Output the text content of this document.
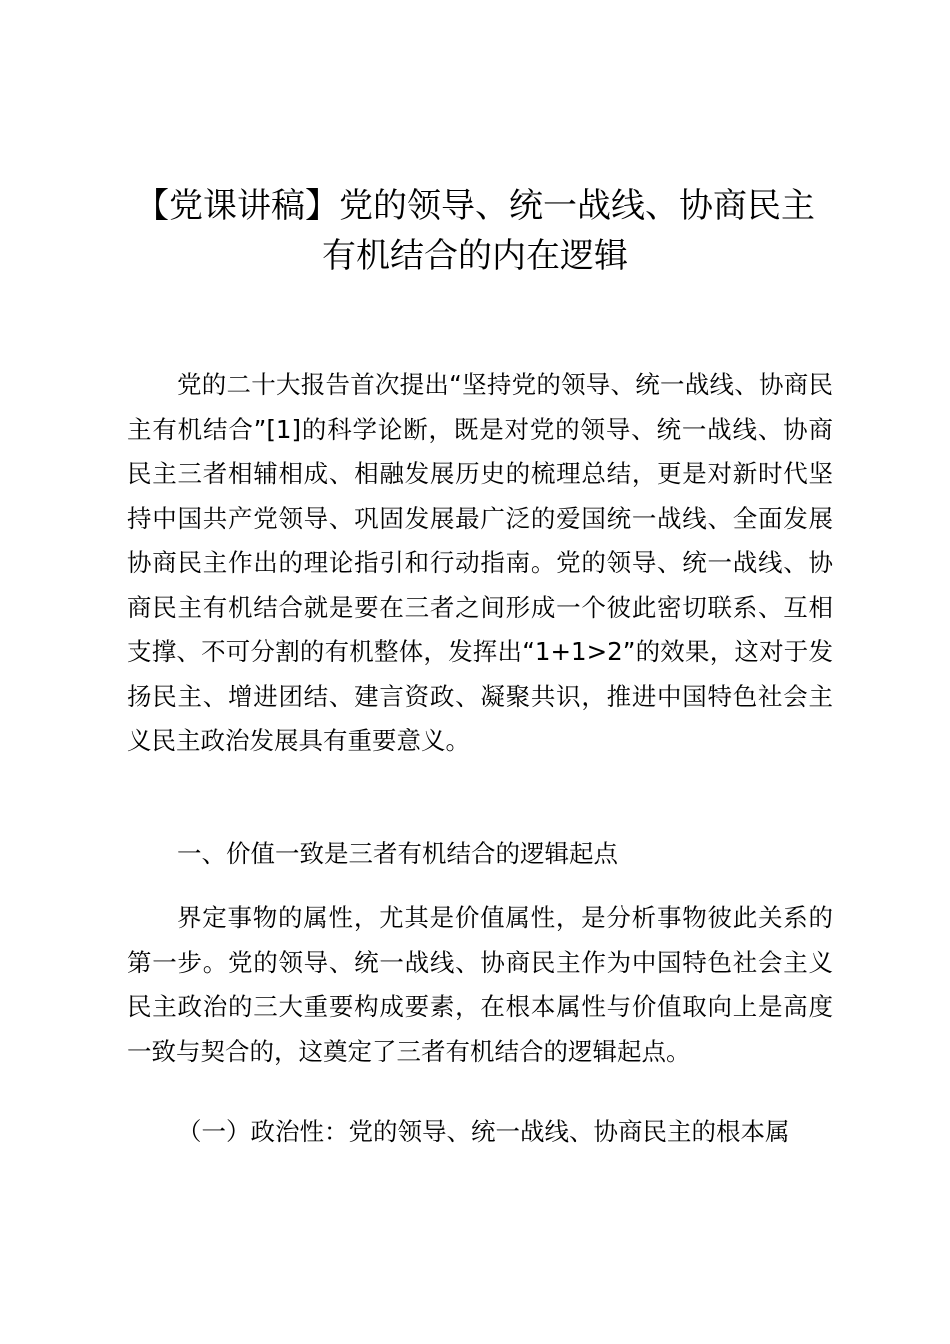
【党课讲稿】党的领导、统一战线、协商民主
有机结合的内在逻辑

党的二十大报告首次提出“坚持党的领导、统一战线、协商民主有机结合”[1]的科学论断，既是对党的领导、统一战线、协商民主三者相辅相成、相融发展历史的梳理总结，更是对新时代坚持中国共产党领导、巩固发展最广泛的爱国统一战线、全面发展协商民主作出的理论指引和行动指南。党的领导、统一战线、协商民主有机结合就是要在三者之间形成一个彼此密切联系、互相支撑、不可分割的有机整体，发挥出“1+1>2”的效果，这对于发扬民主、增进团结、建言资政、凝聚共识，推进中国特色社会主义民主政治发展具有重要意义。

一、价值一致是三者有机结合的逻辑起点

界定事物的属性，尤其是价值属性，是分析事物彼此关系的第一步。党的领导、统一战线、协商民主作为中国特色社会主义民主政治的三大重要构成要素，在根本属性与价值取向上是高度一致与契合的，这奠定了三者有机结合的逻辑起点。

（一）政治性：党的领导、统一战线、协商民主的根本属
